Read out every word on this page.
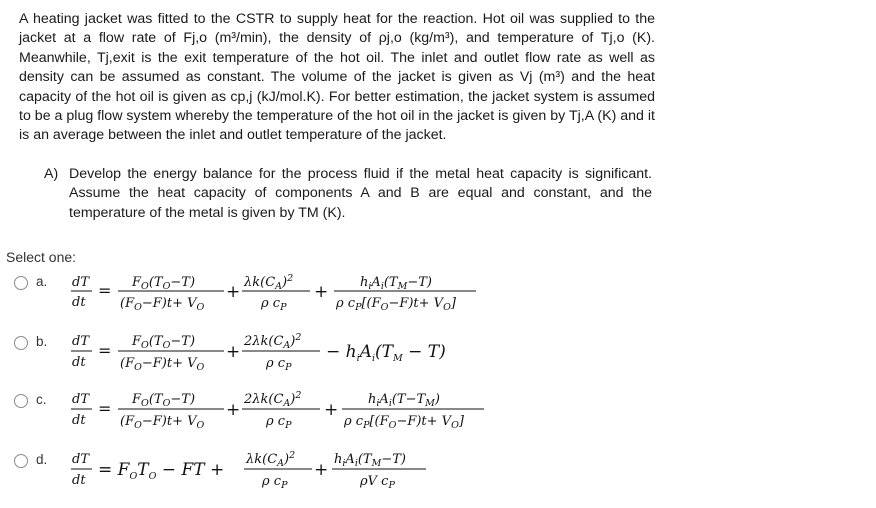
A heating jacket was fitted to the CSTR to supply heat for the reaction. Hot oil was supplied to the jacket at a flow rate of Fj,o (m³/min), the density of ρj,o (kg/m³), and temperature of Tj,o (K). Meanwhile, Tj,exit is the exit temperature of the hot oil. The inlet and outlet flow rate as well as density can be assumed as constant. The volume of the jacket is given as Vj (m³) and the heat capacity of the hot oil is given as cp,j (kJ/mol.K). For better estimation, the jacket system is assumed to be a plug flow system whereby the temperature of the hot oil in the jacket is given by Tj,A (K) and it is an average between the inlet and outlet temperature of the jacket.
A) Develop the energy balance for the process fluid if the metal heat capacity is significant. Assume the heat capacity of components A and B are equal and constant, and the temperature of the metal is given by TM (K).
Select one:
a. dT
dt
= $F_O(T_O-T)$
$(F_O-F)t+ V_O$
+ $\lambda k(C_A)^2$
ρ $c_P$
+ $h_iA_i(T_M-T)$
ρ $c_P[(F_O-F)t+ V_O]$
b. dT
dt
= $F_O(T_O-T)$
$(F_O-F)t+ V_O$
+
$2\lambda k(C_A)^2$
ρ $c_P$
− $h_iA_i(T_M - T)$
c. dT
dt
= $F_O(T_O-T)$
$(F_O-F)t+ V_O$
+
$2\lambda k(C_A)^2$
ρ $c_P$
+
$h_iA_i(T-T_M)$
ρ $c_P[(F_O-F)t+ V_O]$
d. dT
dt
= $F_OT_O$ − FT +
$\lambda k(C_A)^2$
ρ $c_P$
+
$h_iA_i(T_M-T)$
ρV $c_P$
